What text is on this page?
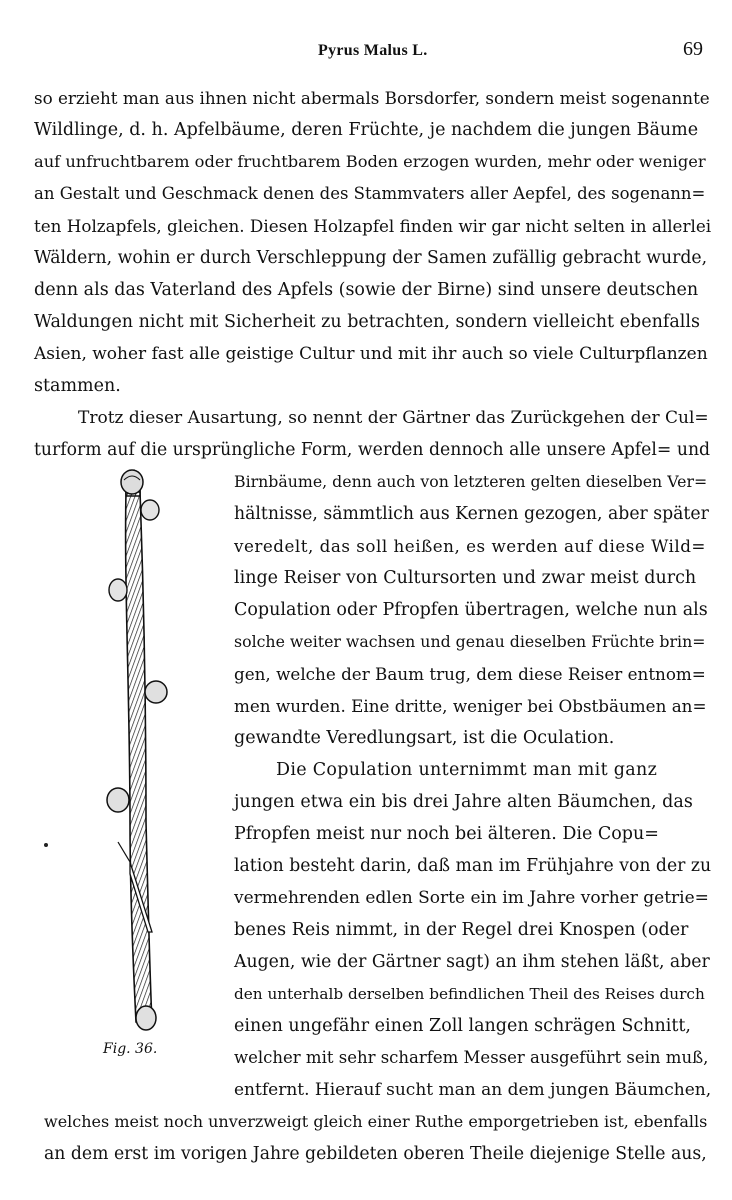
Pyrus Malus L.	69
so erzieht man aus ihnen nicht abermals Borsdorfer, sondern meist sogenannte
Wildlinge, d. h. Apfelbäume, deren Früchte, je nachdem die jungen Bäume
auf unfruchtbarem oder fruchtbarem Boden erzogen wurden, mehr oder weniger
an Gestalt und Geschmack denen des Stammvaters aller Aepfel, des sogenann=
ten Holzapfels, gleichen. Diesen Holzapfel finden wir gar nicht selten in allerlei
Wäldern, wohin er durch Verschleppung der Samen zufällig gebracht wurde,
denn als das Vaterland des Apfels (sowie der Birne) sind unsere deutschen
Waldungen nicht mit Sicherheit zu betrachten, sondern vielleicht ebenfalls
Asien, woher fast alle geistige Cultur und mit ihr auch so viele Culturpflanzen
stammen.
Trotz dieser Ausartung, so nennt der Gärtner das Zurückgehen der Cul=
turform auf die ursprüngliche Form, werden dennoch alle unsere Apfel= und
Birnbäume, denn auch von letzteren gelten dieselben Ver=
hältnisse, sämmtlich aus Kernen gezogen, aber später
veredelt, das soll heißen, es werden auf diese Wild=
linge Reiser von Cultursorten und zwar meist durch
Copulation oder Pfropfen übertragen, welche nun als
solche weiter wachsen und genau dieselben Früchte brin=
gen, welche der Baum trug, dem diese Reiser entnom=
men wurden. Eine dritte, weniger bei Obstbäumen an=
gewandte Veredlungsart, ist die Oculation.
Die Copulation unternimmt man mit ganz
jungen etwa ein bis drei Jahre alten Bäumchen, das
Pfropfen meist nur noch bei älteren. Die Copu=
lation besteht darin, daß man im Frühjahre von der zu
vermehrenden edlen Sorte ein im Jahre vorher getrie=
benes Reis nimmt, in der Regel drei Knospen (oder
Augen, wie der Gärtner sagt) an ihm stehen läßt, aber
den unterhalb derselben befindlichen Theil des Reises durch
einen ungefähr einen Zoll langen schrägen Schnitt,
welcher mit sehr scharfem Messer ausgeführt sein muß,
entfernt. Hierauf sucht man an dem jungen Bäumchen,
welches meist noch unverzweigt gleich einer Ruthe emporgetrieben ist, ebenfalls
an dem erst im vorigen Jahre gebildeten oberen Theile diejenige Stelle aus,
Fig. 36.
